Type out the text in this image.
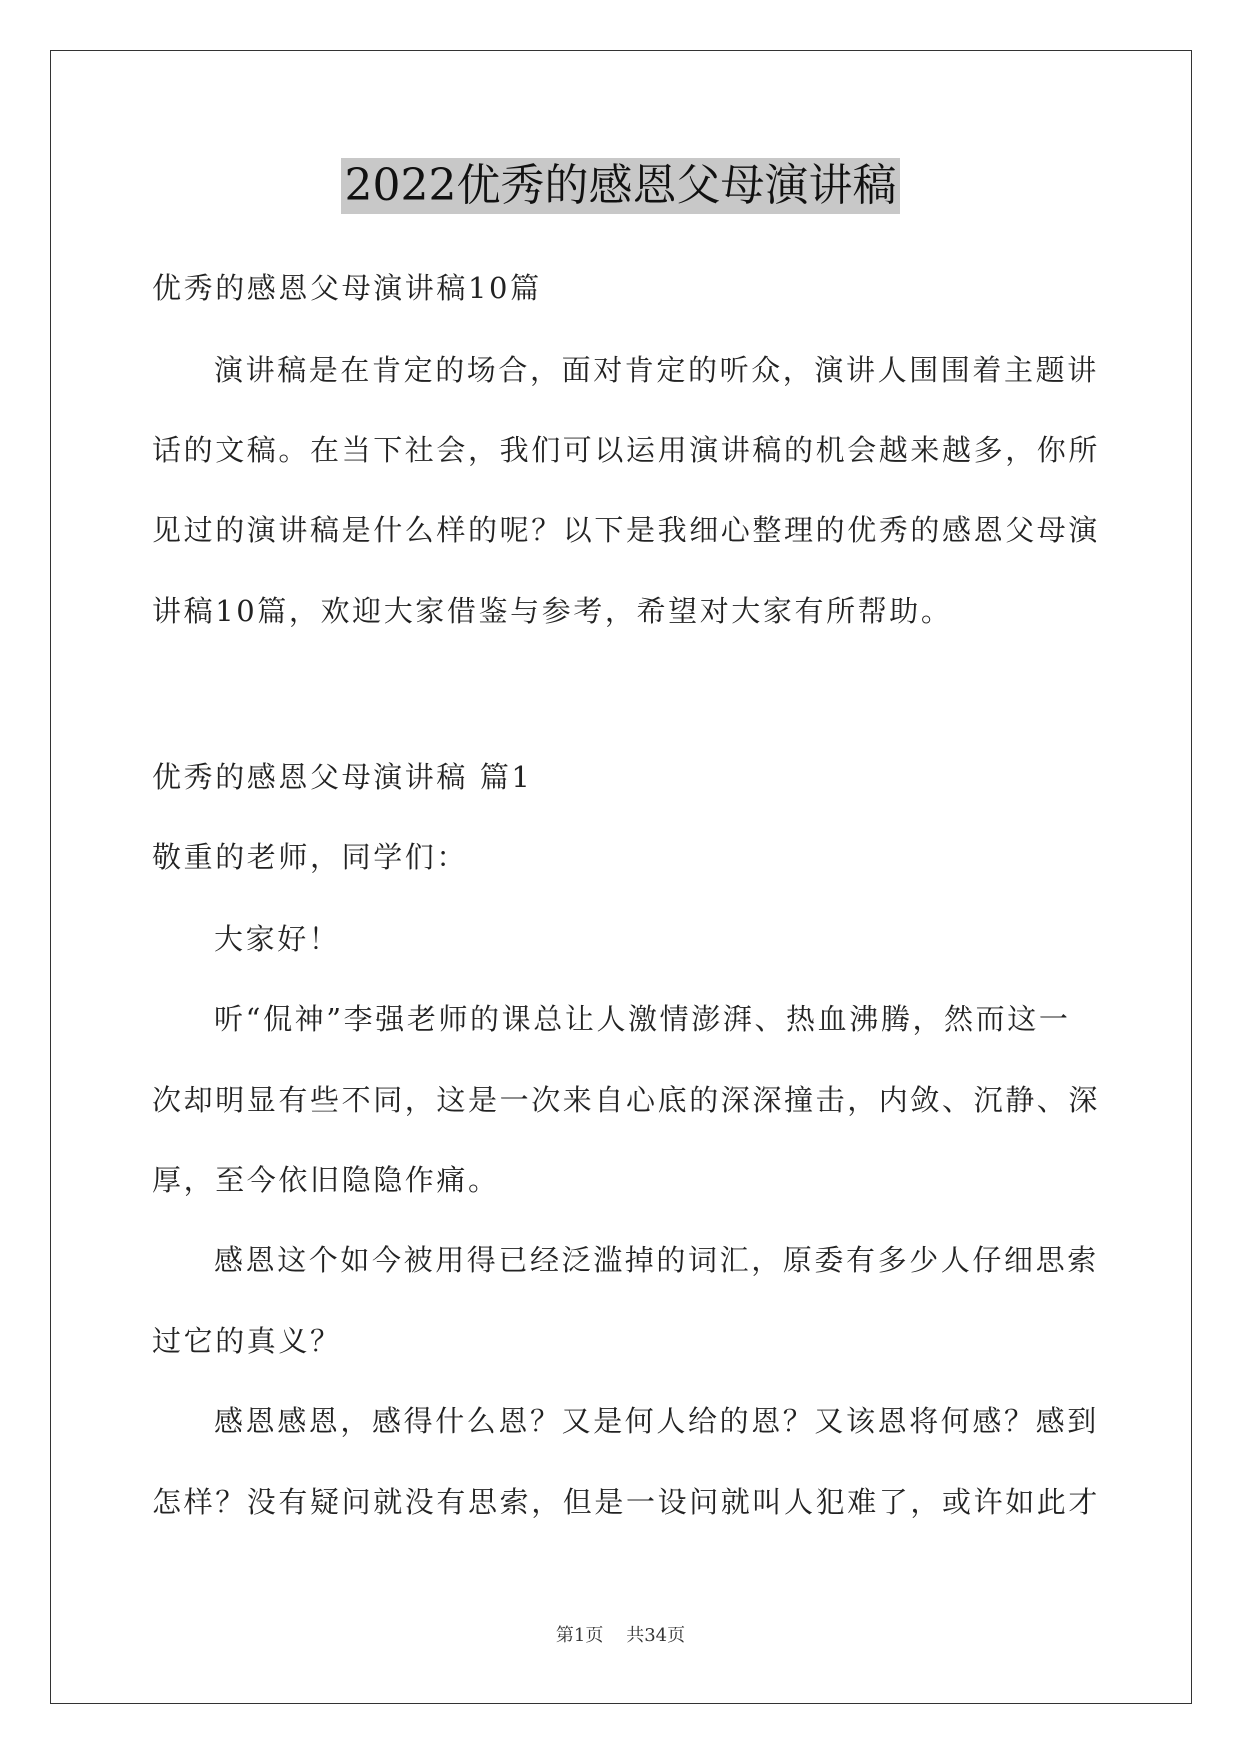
2022优秀的感恩父母演讲稿
优秀的感恩父母演讲稿10篇
演讲稿是在肯定的场合，面对肯定的听众，演讲人围围着主题讲
话的文稿。在当下社会，我们可以运用演讲稿的机会越来越多，你所
见过的演讲稿是什么样的呢？以下是我细心整理的优秀的感恩父母演
讲稿10篇，欢迎大家借鉴与参考，希望对大家有所帮助。
优秀的感恩父母演讲稿 篇1
敬重的老师，同学们：
大家好！
听“侃神”李强老师的课总让人激情澎湃、热血沸腾，然而这一
次却明显有些不同，这是一次来自心底的深深撞击，内敛、沉静、深
厚，至今依旧隐隐作痛。
感恩这个如今被用得已经泛滥掉的词汇，原委有多少人仔细思索
过它的真义？
感恩感恩，感得什么恩？又是何人给的恩？又该恩将何感？感到
怎样？没有疑问就没有思索，但是一设问就叫人犯难了，或许如此才
第1页    共34页
